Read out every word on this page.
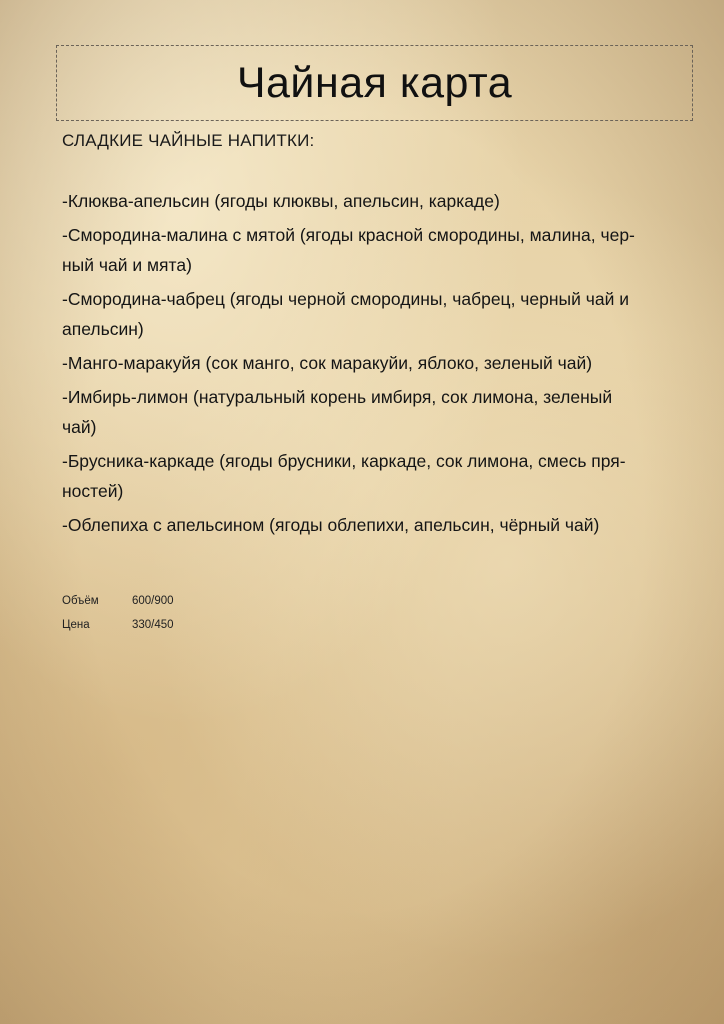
Чайная карта
СЛАДКИЕ ЧАЙНЫЕ НАПИТКИ:
-Клюква-апельсин (ягоды клюквы, апельсин, каркаде)
-Смородина-малина с мятой (ягоды красной смородины, малина, чер-
ный чай и мята)
-Смородина-чабрец (ягоды черной смородины, чабрец, черный чай и
апельсин)
-Манго-маракуйя (сок манго, сок маракуйи, яблоко, зеленый чай)
-Имбирь-лимон (натуральный корень имбиря, сок лимона, зеленый
чай)
-Брусника-каркаде (ягоды брусники, каркаде, сок лимона, смесь пря-
ностей)
-Облепиха с апельсином (ягоды облепихи, апельсин, чёрный чай)
Объём	600/900
Цена	330/450
